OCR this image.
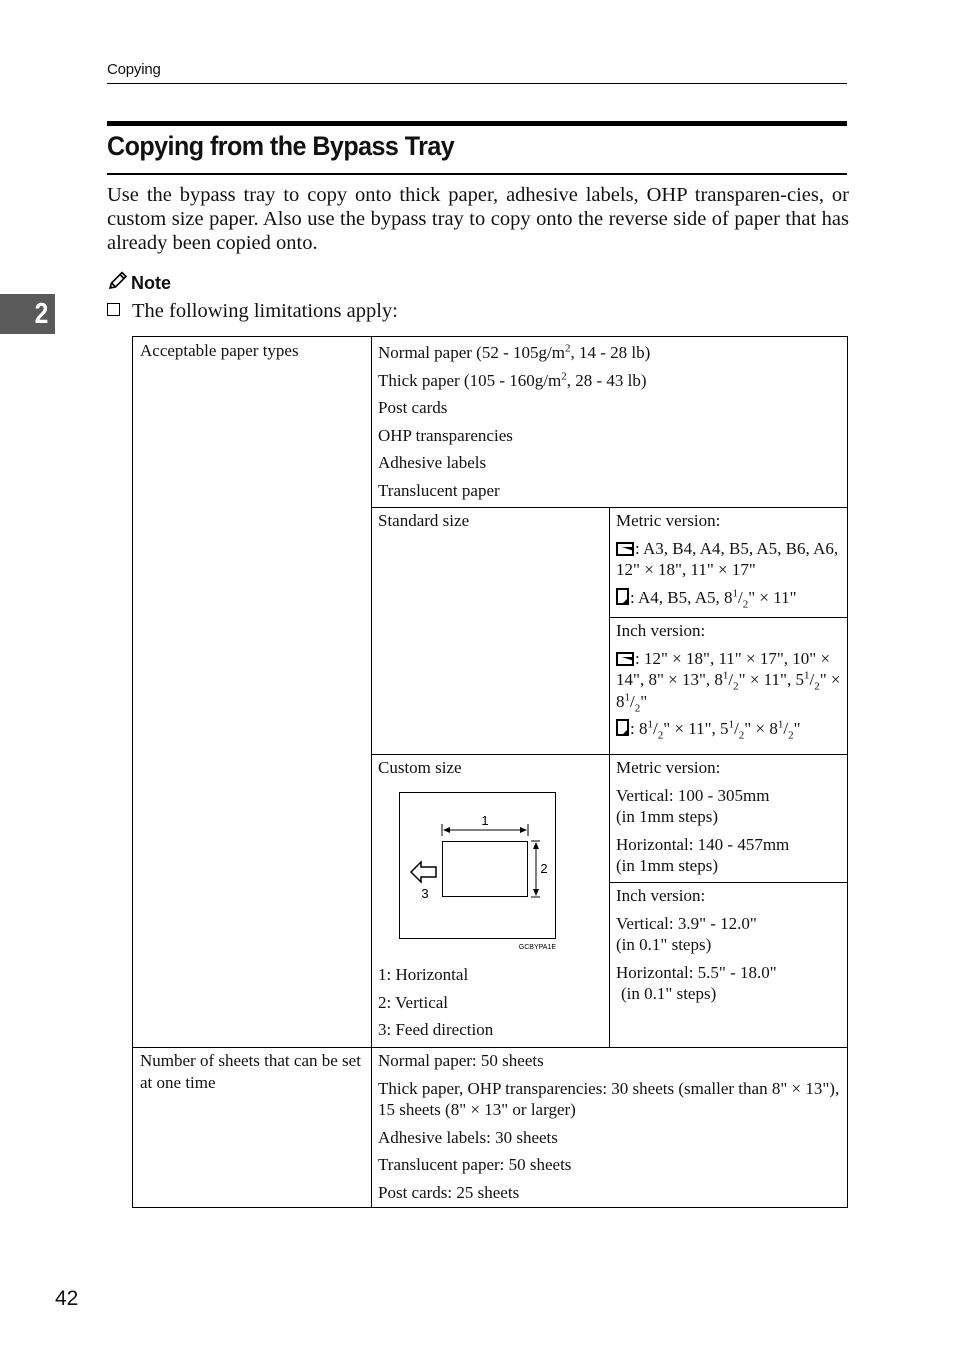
Copying
Copying from the Bypass Tray
Use the bypass tray to copy onto thick paper, adhesive labels, OHP transparen-cies, or custom size paper. Also use the bypass tray to copy onto the reverse side of paper that has already been copied onto.
2
Note
The following limitations apply:
Acceptable paper types	Normal paper ($52 - 105g/m^2$, 14 - 28 lb)

Thick paper ($105 - 160g/m^2$, 28 - 43 lb)

Post cards

OHP transparencies

Adhesive labels

Translucent paper

Standard size	Metric version:

: A3, B4, A4, B5, A5, B6, A6, 12" × 18", 11" × 17"

: A4, B5, A5, $8^1/_2$" × 11"

Inch version:

: 12" × 18", 11" × 17", 10" × 14", 8" × 13", $8^1/_2$" × 11", $5^1/_2$" × $8^1/_2$"

: $8^1/_2$" × 11", $5^1/_2$" × $8^1/_2$"

Custom size
1
2
3
GCBYPA1E

1: Horizontal

2: Vertical

3: Feed direction

Metric version:

Vertical: 100 - 305mm
(in 1mm steps)

Horizontal: 140 - 457mm
(in 1mm steps)

Inch version:

Vertical: 3.9" - 12.0"
(in 0.1" steps)

Horizontal: 5.5" - 18.0"
(in 0.1" steps)

Number of sheets that can be set at one time

Normal paper: 50 sheets

Thick paper, OHP transparencies: 30 sheets (smaller than 8" × 13"), 15 sheets (8" × 13" or larger)

Adhesive labels: 30 sheets

Translucent paper: 50 sheets

Post cards: 25 sheets

42
